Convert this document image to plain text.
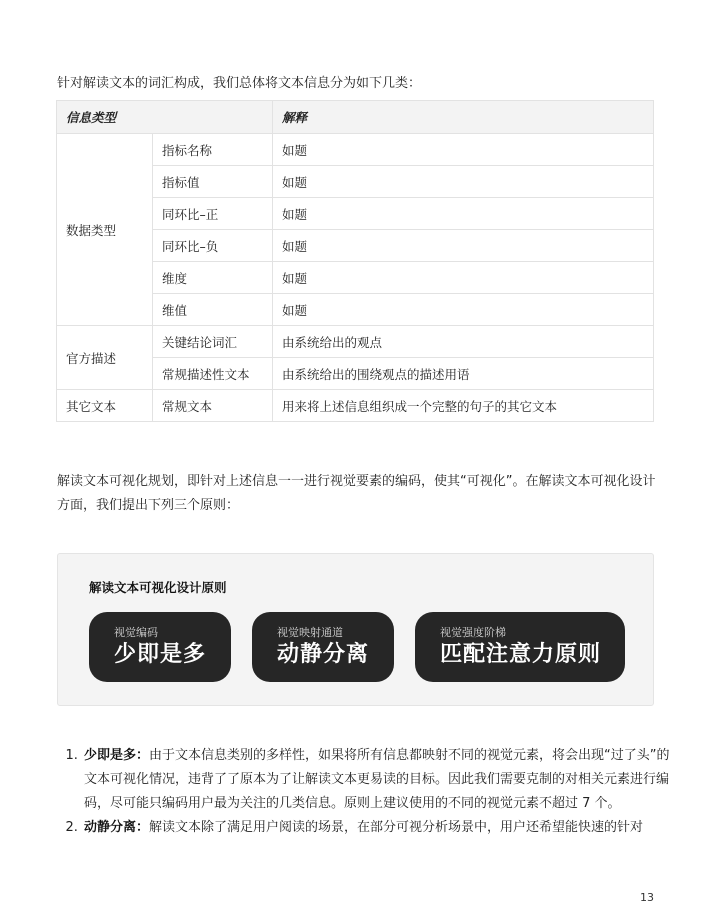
针对解读文本的词汇构成，我们总体将文本信息分为如下几类：
信息类型		解释
数据类型	指标名称	如题
	指标值	如题
	同环比–正	如题
	同环比–负	如题
	维度	如题
	维值	如题
官方描述	关键结论词汇	由系统给出的观点
	常规描述性文本	由系统给出的围绕观点的描述用语
其它文本	常规文本	用来将上述信息组织成一个完整的句子的其它文本
解读文本可视化规划，即针对上述信息一一进行视觉要素的编码，使其“可视化”。在解读文本可视化设计方面，我们提出下列三个原则：
解读文本可视化设计原则
视觉编码
少即是多
视觉映射通道
动静分离
视觉强度阶梯
匹配注意力原则
1. 少即是多：由于文本信息类别的多样性，如果将所有信息都映射不同的视觉元素，将会出现“过了头”的文本可视化情况，违背了了原本为了让解读文本更易读的目标。因此我们需要克制的对相关元素进行编码，尽可能只编码用户最为关注的几类信息。原则上建议使用的不同的视觉元素不超过 7 个。
2. 动静分离：解读文本除了满足用户阅读的场景，在部分可视分析场景中，用户还希望能快速的针对
13
